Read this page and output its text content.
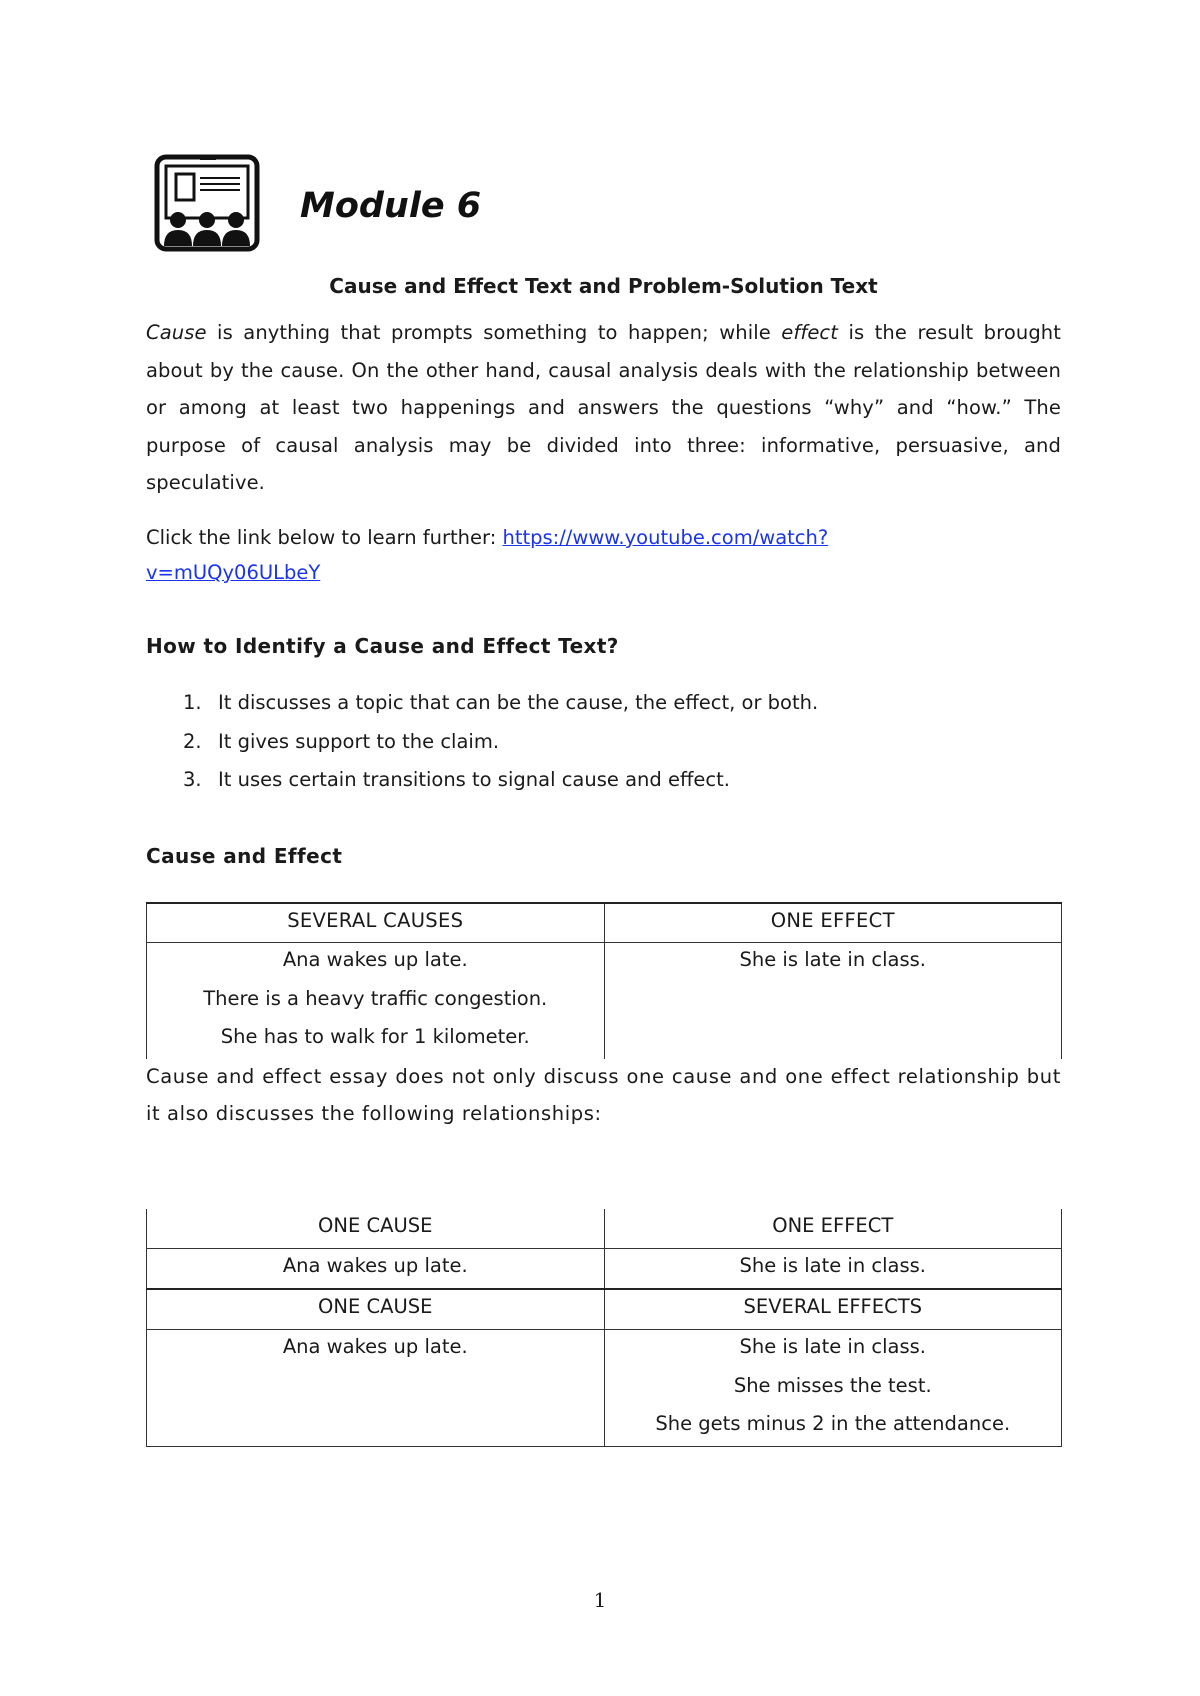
Module 6
Cause and Effect Text and Problem-Solution Text
Cause is anything that prompts something to happen; while effect is the result brought about by the cause. On the other hand, causal analysis deals with the relationship between or among at least two happenings and answers the questions “why” and “how.” The purpose of causal analysis may be divided into three: informative, persuasive, and speculative.
Click the link below to learn further: https://www.youtube.com/watch?
v=mUQy06ULbeY
How to Identify a Cause and Effect Text?
1. It discusses a topic that can be the cause, the effect, or both.
2. It gives support to the claim.
3. It uses certain transitions to signal cause and effect.
Cause and Effect
SEVERAL CAUSES	ONE EFFECT

Ana wakes up late.
There is a heavy traffic congestion.
She has to walk for 1 kilometer.	She is late in class.
Cause and effect essay does not only discuss one cause and one effect relationship but it also discusses the following relationships:
ONE CAUSE	ONE EFFECT
Ana wakes up late.	She is late in class.
ONE CAUSE	SEVERAL EFFECTS

Ana wakes up late.	She is late in class.
She misses the test.
She gets minus 2 in the attendance.
1
